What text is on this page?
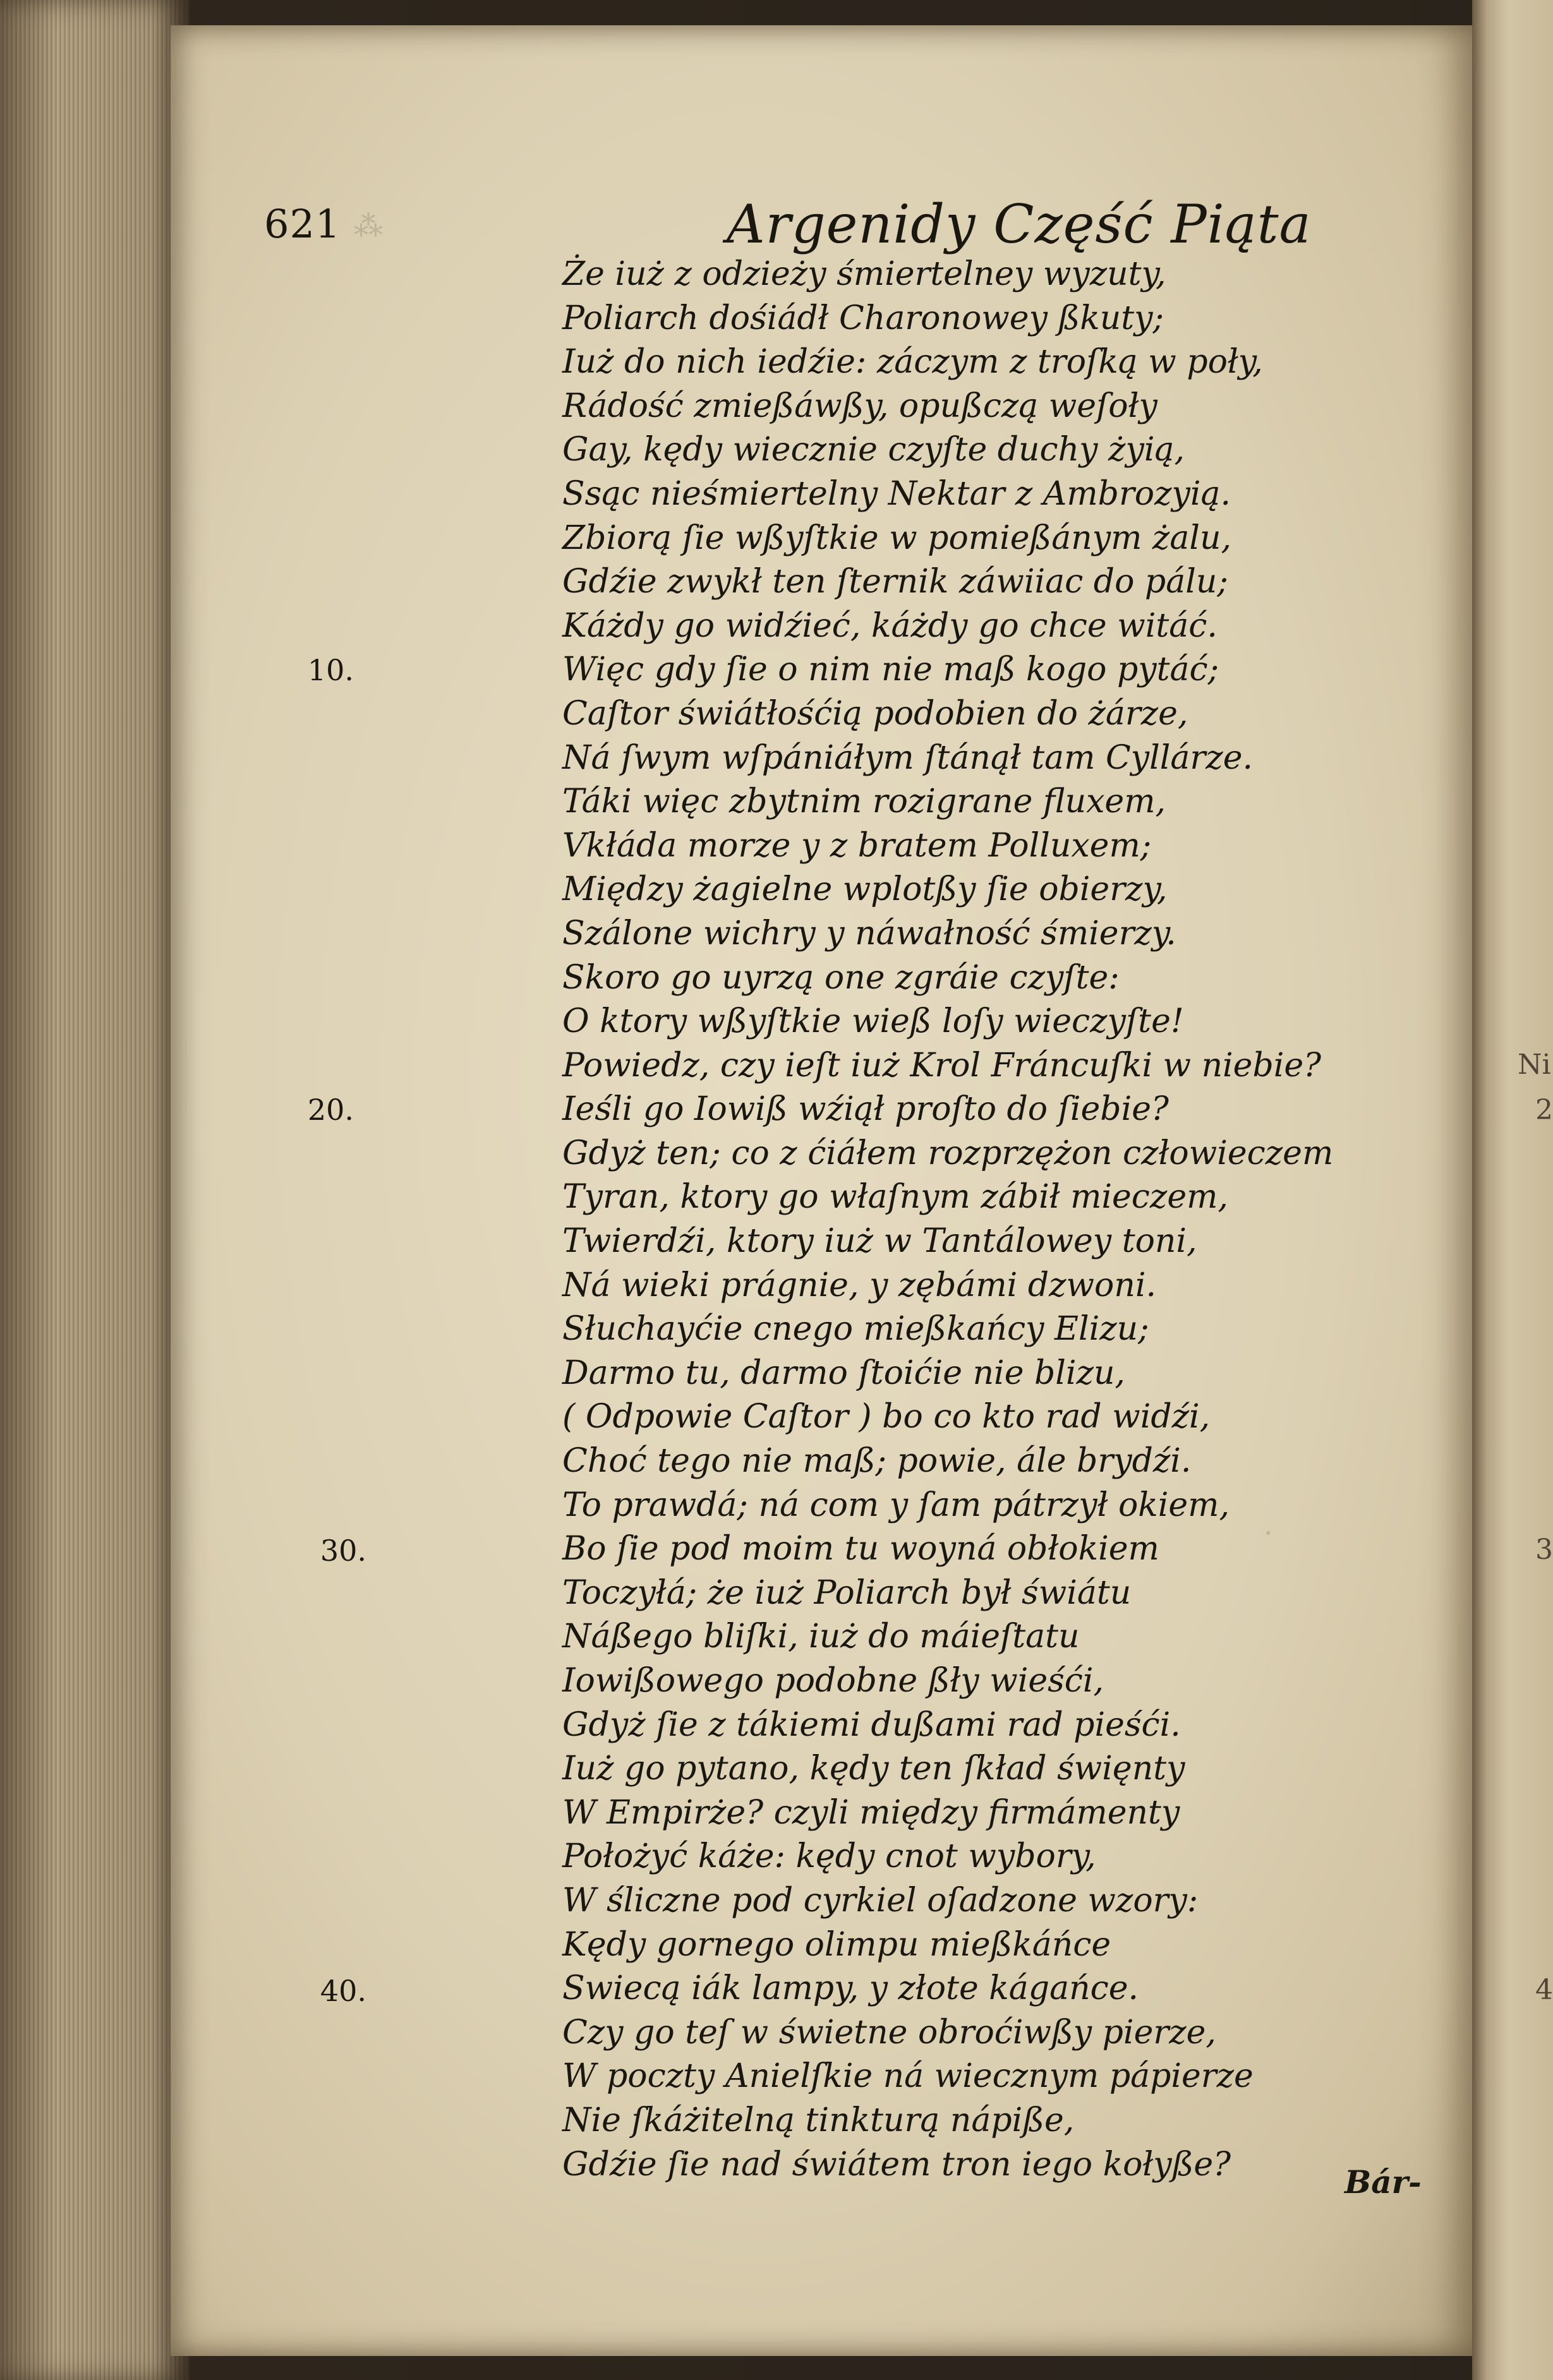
⁂
·
621	Argenidy Część Piąta
10.
20.
30.
40.
Że iuż z odzieży śmiertelney wyzuty,
Poliarch dośiádł Charonowey ßkuty;
Iuż do nich iedźie: záczym z troſką w poły,
Rádość zmießáwßy, opußczą weſoły
Gay, kędy wiecznie czyſte duchy żyią,
Ssąc nieśmiertelny Nektar z Ambrozyią.
Zbiorą ſie wßyſtkie w pomießánym żalu,
Gdźie zwykł ten ſternik záwiiac do pálu;
Káżdy go widźieć, káżdy go chce witáć.
Więc gdy ſie o nim nie maß kogo pytáć;
Caſtor świátłośćią podobien do żárze,
Ná ſwym wſpániáłym ſtánął tam Cyllárze.
Táki więc zbytnim rozigrane fluxem,
Vkłáda morze y z bratem Polluxem;
Między żagielne wplotßy ſie obierzy,
Szálone wichry y náwałność śmierzy.
Skoro go uyrzą one zgráie czyſte:
O ktory wßyſtkie wieß loſy wieczyſte!
Powiedz, czy ieſt iuż Krol Fráncuſki w niebie?
Ieśli go Iowiß wźiął proſto do ſiebie?
Gdyż ten; co z ćiáłem rozprzężon człowieczem
Tyran, ktory go właſnym zábił mieczem,
Twierdźi, ktory iuż w Tantálowey toni,
Ná wieki prágnie, y zębámi dzwoni.
Słuchayćie cnego mießkańcy Elizu;
Darmo tu, darmo ſtoićie nie blizu,
( Odpowie Caſtor ) bo co kto rad widźi,
Choć tego nie maß; powie, ále brydźi.
To prawdá; ná com y ſam pátrzył okiem,
Bo ſie pod moim tu woyná obłokiem
Toczyłá; że iuż Poliarch był świátu
Náßego bliſki, iuż do máieſtatu
Iowißowego podobne ßły wieśći,
Gdyż ſie z tákiemi dußami rad pieśći.
Iuż go pytano, kędy ten ſkład święnty
W Empirże? czyli między firmámenty
Położyć káże: kędy cnot wybory,
W śliczne pod cyrkiel oſadzone wzory:
Kędy gornego olimpu mießkáńce
Swiecą iák lampy, y złote kágańce.
Czy go teſ w świetne obroćiwßy pierze,
W poczty Anielſkie ná wiecznym pápierze
Nie ſkáżitelną tinkturą nápiße,
Gdźie ſie nad świátem tron iego kołyße?	Bár-
Ni
2
3
4
